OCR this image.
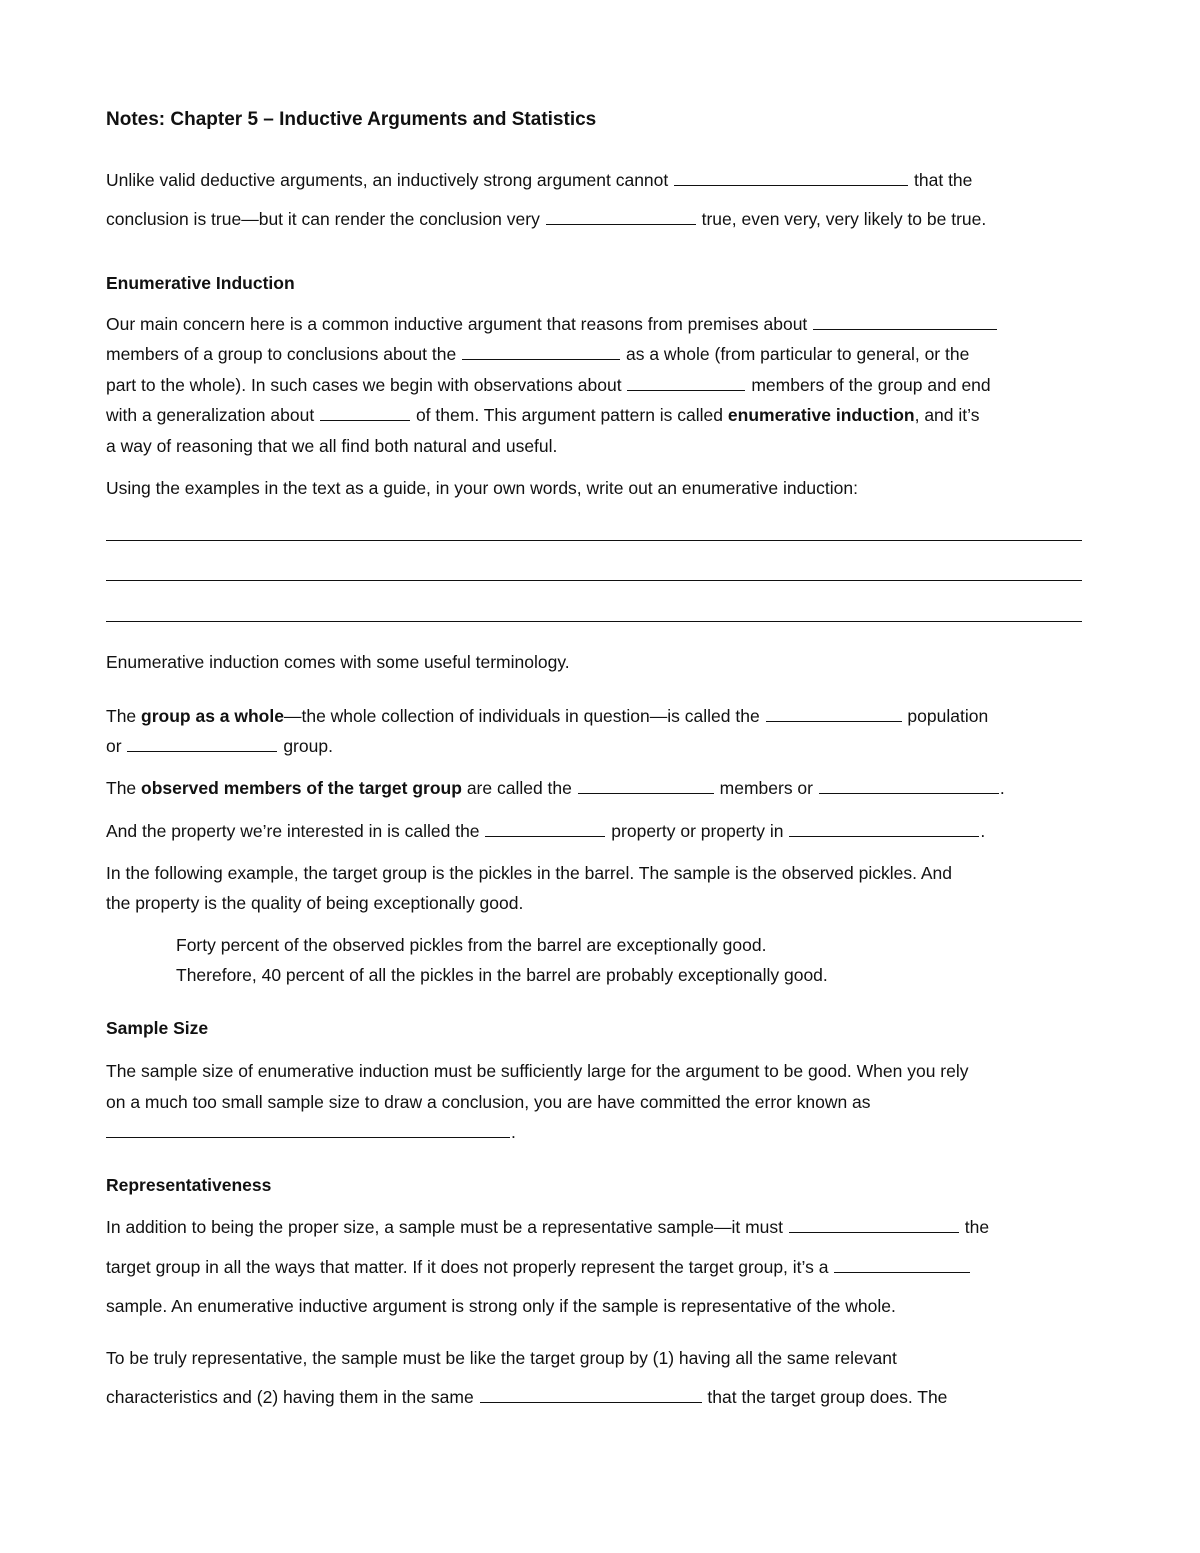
Notes: Chapter 5 – Inductive Arguments and Statistics

Unlike valid deductive arguments, an inductively strong argument cannot	that the

conclusion is true—but it can render the conclusion very	true, even very, very likely to be true.

Enumerative Induction

Our main concern here is a common inductive argument that reasons from premises about

members of a group to conclusions about the	as a whole (from particular to general, or the

part to the whole). In such cases we begin with observations about	members of the group and end

with a generalization about	of them. This argument pattern is called enumerative induction, and it’s

a way of reasoning that we all find both natural and useful.

Using the examples in the text as a guide, in your own words, write out an enumerative induction:

Enumerative induction comes with some useful terminology.

The group as a whole—the whole collection of individuals in question—is called the	population

or	group.

The observed members of the target group are called the	members or	.

And the property we’re interested in is called the	property or property in	.

In the following example, the target group is the pickles in the barrel. The sample is the observed pickles. And

the property is the quality of being exceptionally good.

Forty percent of the observed pickles from the barrel are exceptionally good.

Therefore, 40 percent of all the pickles in the barrel are probably exceptionally good.

Sample Size

The sample size of enumerative induction must be sufficiently large for the argument to be good. When you rely

on a much too small sample size to draw a conclusion, you are have committed the error known as

.

Representativeness

In addition to being the proper size, a sample must be a representative sample—it must	the

target group in all the ways that matter. If it does not properly represent the target group, it’s a

sample. An enumerative inductive argument is strong only if the sample is representative of the whole.

To be truly representative, the sample must be like the target group by (1) having all the same relevant

characteristics and (2) having them in the same	that the target group does. The
